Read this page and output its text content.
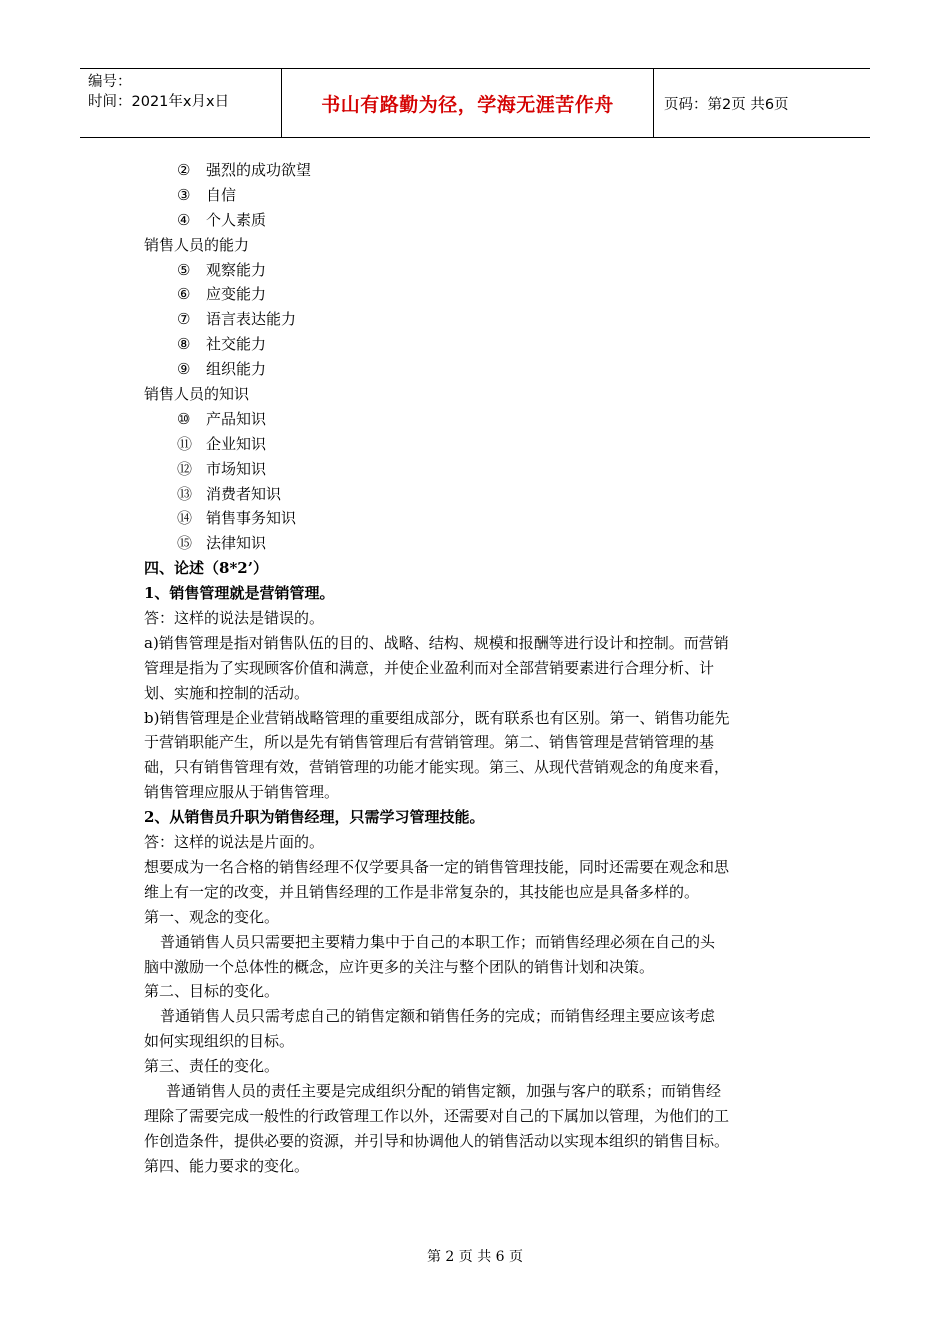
编号：
时间：2021年x月x日	书山有路勤为径，学海无涯苦作舟	页码：第2页 共6页
② 强烈的成功欲望
③ 自信
④ 个人素质
销售人员的能力
⑤ 观察能力
⑥ 应变能力
⑦ 语言表达能力
⑧ 社交能力
⑨ 组织能力
销售人员的知识
⑩ 产品知识
⑪ 企业知识
⑫ 市场知识
⑬ 消费者知识
⑭ 销售事务知识
⑮ 法律知识
四、论述（8*2’）
1、销售管理就是营销管理。
答：这样的说法是错误的。
a)销售管理是指对销售队伍的目的、战略、结构、规模和报酬等进行设计和控制。而营销
管理是指为了实现顾客价值和满意，并使企业盈利而对全部营销要素进行合理分析、计
划、实施和控制的活动。
b)销售管理是企业营销战略管理的重要组成部分，既有联系也有区别。第一、销售功能先
于营销职能产生，所以是先有销售管理后有营销管理。第二、销售管理是营销管理的基
础，只有销售管理有效，营销管理的功能才能实现。第三、从现代营销观念的角度来看，
销售管理应服从于销售管理。
2、从销售员升职为销售经理，只需学习管理技能。
答：这样的说法是片面的。
想要成为一名合格的销售经理不仅学要具备一定的销售管理技能，同时还需要在观念和思
维上有一定的改变，并且销售经理的工作是非常复杂的，其技能也应是具备多样的。
第一、观念的变化。
普通销售人员只需要把主要精力集中于自己的本职工作；而销售经理必须在自己的头
脑中激励一个总体性的概念，应许更多的关注与整个团队的销售计划和决策。
第二、目标的变化。
普通销售人员只需考虑自己的销售定额和销售任务的完成；而销售经理主要应该考虑
如何实现组织的目标。
第三、责任的变化。
普通销售人员的责任主要是完成组织分配的销售定额，加强与客户的联系；而销售经
理除了需要完成一般性的行政管理工作以外，还需要对自己的下属加以管理，为他们的工
作创造条件，提供必要的资源，并引导和协调他人的销售活动以实现本组织的销售目标。
第四、能力要求的变化。
第 2 页 共 6 页
